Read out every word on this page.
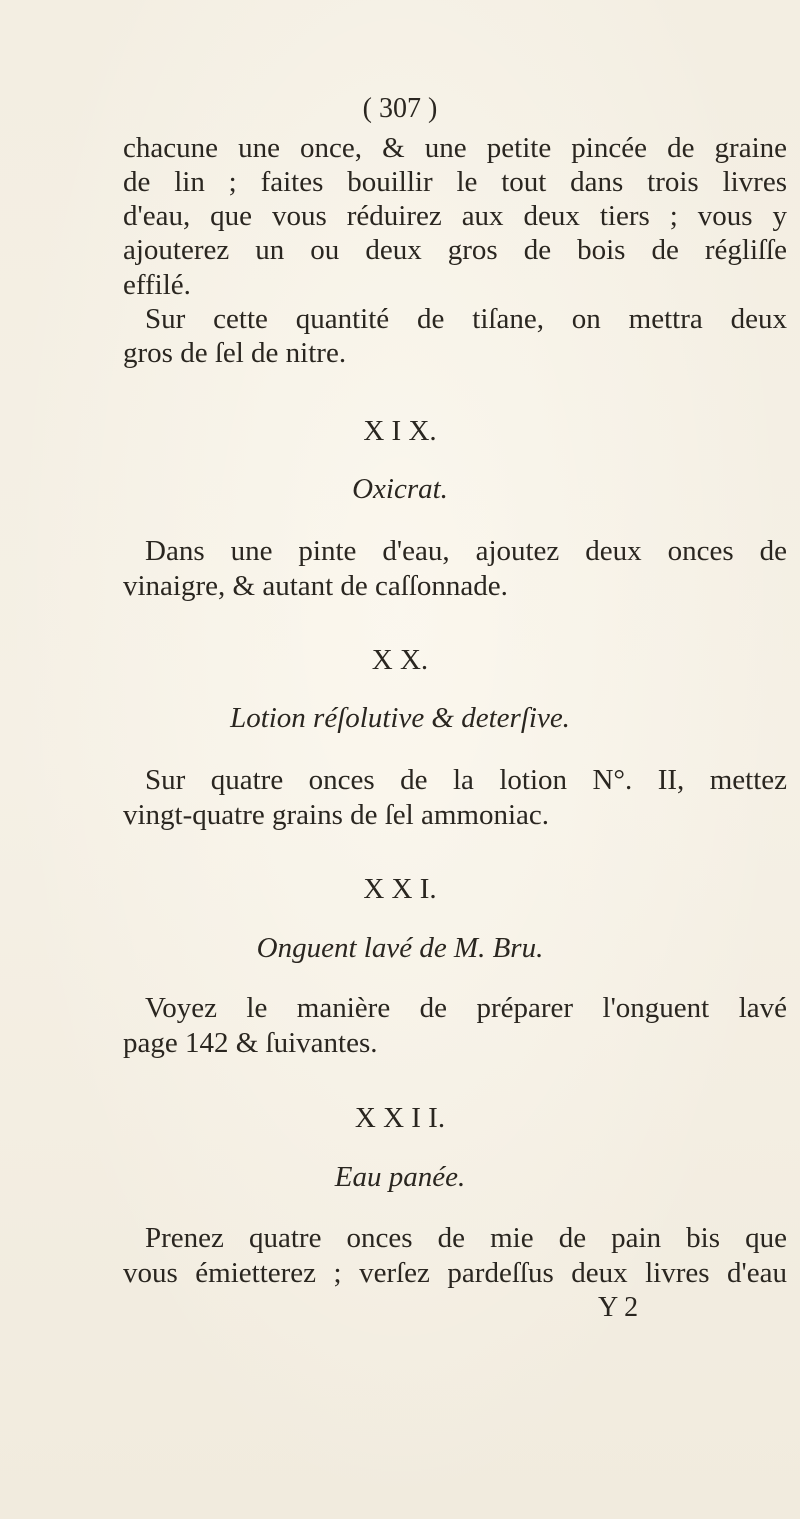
( 307 )
chacune une once, & une petite pincée de graine
de lin ; faites bouillir le tout dans trois livres
d'eau, que vous réduirez aux deux tiers ; vous y
ajouterez un ou deux gros de bois de régliſſe
effilé.
Sur cette quantité de tiſane, on mettra deux
gros de ſel de nitre.
X I X.
Oxicrat.
Dans une pinte d'eau, ajoutez deux onces de
vinaigre, & autant de caſſonnade.
X X.
Lotion réſolutive & deterſive.
Sur quatre onces de la lotion N°. II, mettez
vingt-quatre grains de ſel ammoniac.
X X I.
Onguent lavé de M. Bru.
Voyez le manière de préparer l'onguent lavé
page 142 & ſuivantes.
X X I I.
Eau panée.
Prenez quatre onces de mie de pain bis que
vous émietterez ; verſez pardeſſus deux livres d'eau
Y 2
